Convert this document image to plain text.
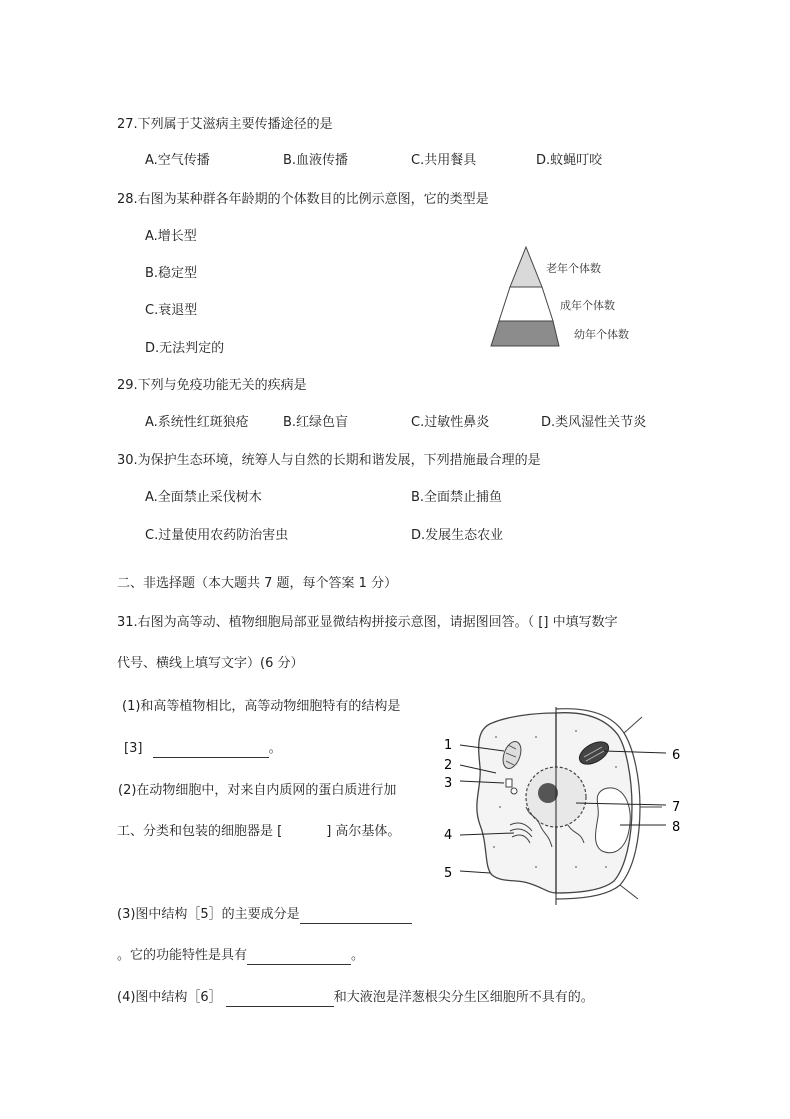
27.下列属于艾滋病主要传播途径的是
A.空气传播	B.血液传播	C.共用餐具	D.蚊蝇叮咬
28.右图为某种群各年龄期的个体数目的比例示意图，它的类型是
A.增长型
B.稳定型
C.衰退型
D.无法判定的
老年个体数
成年个体数
幼年个体数
29.下列与免疫功能无关的疾病是
A.系统性红斑狼疮	B.红绿色盲	C.过敏性鼻炎	D.类风湿性关节炎
30.为保护生态环境，统筹人与自然的长期和谐发展，下列措施最合理的是
A.全面禁止采伐树木	B.全面禁止捕鱼
C.过量使用农药防治害虫	D.发展生态农业
二、非选择题（本大题共 7 题，每个答案 1 分）
31.右图为高等动、植物细胞局部亚显微结构拼接示意图，请据图回答。（ [] 中填写数字
代号、横线上填写文字）(6 分）
(1)和高等植物相比，高等动物细胞特有的结构是
[3]	。
(2)在动物细胞中，对来自内质网的蛋白质进行加
工、分类和包装的细胞器是 [	] 高尔基体。
(3)图中结构［5］的主要成分是
。它的功能特性是具有	。
(4)图中结构［6］	和大液泡是洋葱根尖分生区细胞所不具有的。
1
2
3
4
5
6
7
8
